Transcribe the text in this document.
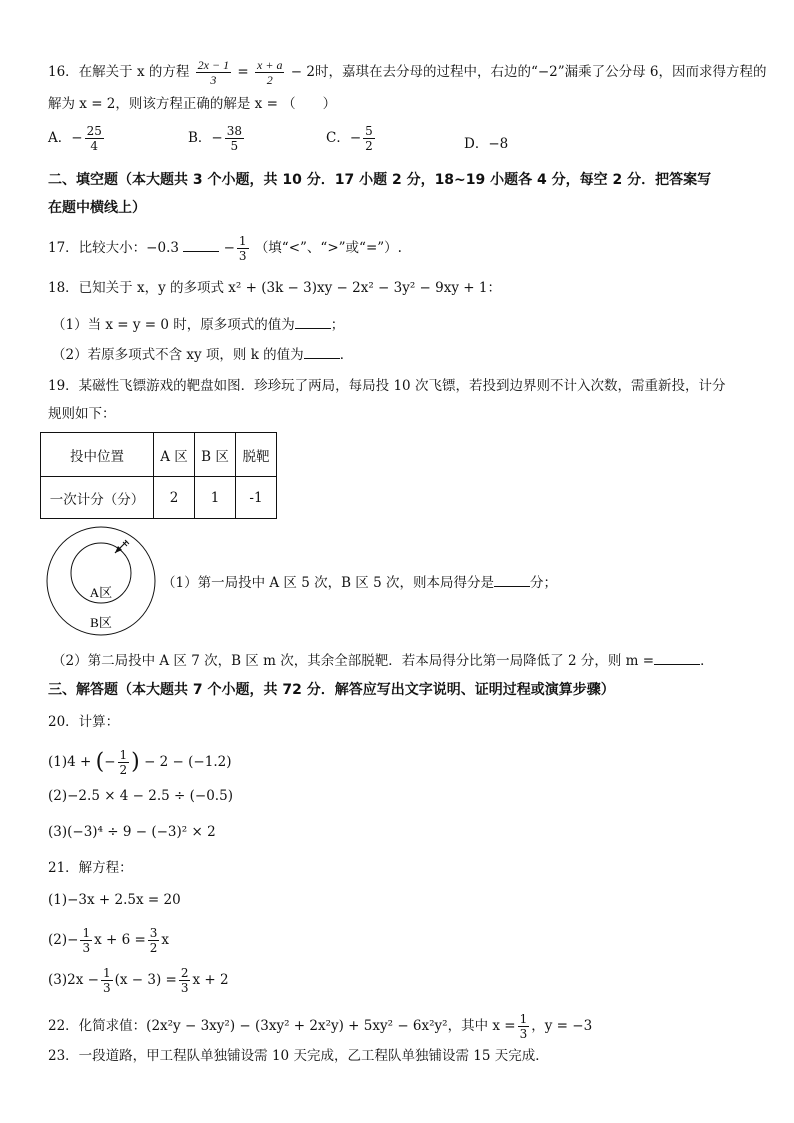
16．在解关于 x 的方程 $\frac{2x - 1}{3} = \frac{x + a}{2} - 2$时，嘉琪在去分母的过程中，右边的“−2”漏乘了公分母 6，因而求得方程的
解为 x = 2，则该方程正确的解是 x = （　　）
A．− $\frac{25}{4}$	B．− $\frac{38}{5}$	C．− $\frac{5}{2}$	D．−8
二、填空题（本大题共 3 个小题，共 10 分．17 小题 2 分，18~19 小题各 4 分，每空 2 分．把答案写
在题中横线上）
17．比较大小：−0.3	− $\frac{1}{3}$ （填“<”、“>”或“=”）.
18．已知关于 x，y 的多项式 x² + (3k − 3)xy − 2x² − 3y² − 9xy + 1：
（1）当 x = y = 0 时，原多项式的值为	；
（2）若原多项式不含 xy 项，则 k 的值为	．
19．某磁性飞镖游戏的靶盘如图．珍珍玩了两局，每局投 10 次飞镖，若投到边界则不计入次数，需重新投，计分
规则如下：
投中位置	A 区	B 区	脱靶
一次计分（分）	2	1	-1
A区
B区
（1）第一局投中 A 区 5 次，B 区 5 次，则本局得分是	分；
（2）第二局投中 A 区 7 次，B 区 m 次，其余全部脱靶．若本局得分比第一局降低了 2 分，则 m =	．
三、解答题（本大题共 7 个小题，共 72 分．解答应写出文字说明、证明过程或演算步骤）
20．计算：
(1)4 + (− $\frac{1}{2}$ ) − 2 − (−1.2)
(2)−2.5 × 4 − 2.5 ÷ (−0.5)
(3)(−3)⁴ ÷ 9 − (−3)² × 2
21．解方程：
(1)−3x + 2.5x = 20
$(2)- \frac{1}{3}$ $x + 6 = \frac{3}{2}$ x
$(3)2x - \frac{1}{3} (x - 3) = \frac{2}{3}$ x + 2
22．化简求值：(2x²y − 3xy²) − (3xy² + 2x²y) + 5xy² − 6x²y²，其中 $x = \frac{1}{3}$ ，y = −3
23．一段道路，甲工程队单独铺设需 10 天完成，乙工程队单独铺设需 15 天完成．
